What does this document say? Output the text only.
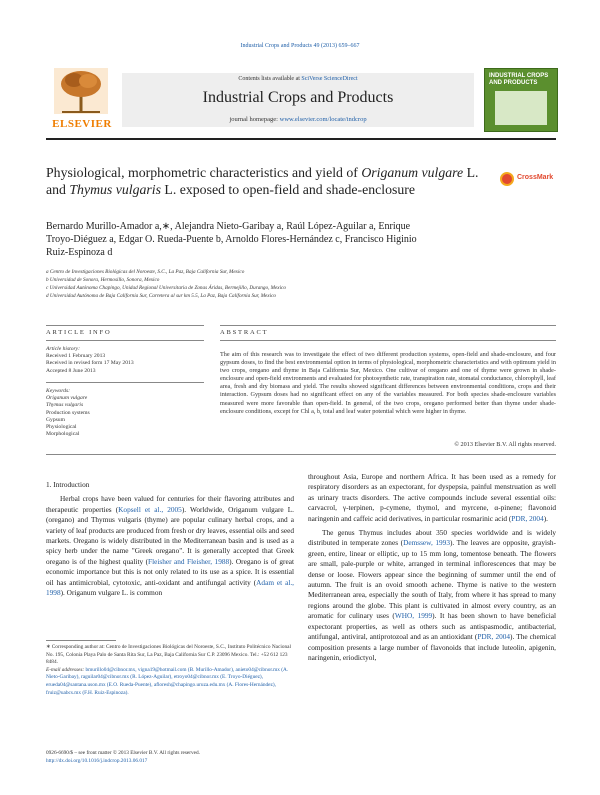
Industrial Crops and Products 49 (2013) 659–667
ELSEVIER
Contents lists available at SciVerse ScienceDirect
Industrial Crops and Products
journal homepage: www.elsevier.com/locate/indcrop
INDUSTRIAL CROPS AND PRODUCTS
Physiological, morphometric characteristics and yield of Origanum vulgare L. and Thymus vulgaris L. exposed to open-field and shade-enclosure
CrossMark
Bernardo Murillo-Amador a,∗, Alejandra Nieto-Garibay a, Raúl López-Aguilar a, Enrique
Troyo-Diéguez a, Edgar O. Rueda-Puente b, Arnoldo Flores-Hernández c, Francisco Higinio
Ruiz-Espinoza d
a Centro de Investigaciones Biológicas del Noroeste, S.C., La Paz, Baja California Sur, Mexico
b Universidad de Sonora, Hermosillo, Sonora, Mexico
c Universidad Autónoma Chapingo, Unidad Regional Universitaria de Zonas Áridas, Bermejillo, Durango, Mexico
d Universidad Autónoma de Baja California Sur, Carretera al sur km 5.5, La Paz, Baja California Sur, Mexico
ARTICLE INFO	ABSTRACT
Article history:
Received 1 February 2013
Received in revised form 17 May 2013
Accepted 8 June 2013
Keywords:
Origanum vulgare
Thymus vulgaris
Production systems
Gypsum
Physiological
Morphological
The aim of this research was to investigate the effect of two different production systems, open-field and shade-enclosure, and four gypsum doses, to find the best environmental option in terms of physiological, morphometric characteristics and with optimum yield in two crops, oregano and thyme in Baja California Sur, Mexico. One cultivar of oregano and one of thyme were grown in shade-enclosure and open-field environments and evaluated for photosynthetic rate, transpiration rate, stomatal conductance, chlorophyll, leaf area, fresh and dry biomass and yield. The results showed significant differences between environmental conditions, crops and their interaction. Gypsum doses had no significant effect on any of the variables measured. For both species shade-enclosure variables measured were more favorable than open-field. In general, of the two crops, oregano performed better than thyme under shade-enclosure conditions, except for Chl a, b, total and leaf water potential which were higher in thyme.
© 2013 Elsevier B.V. All rights reserved.
1. Introduction

Herbal crops have been valued for centuries for their flavoring attributes and therapeutic properties (Kopsell et al., 2005). Worldwide, Origanum vulgare L. (oregano) and Thymus vulgaris (thyme) are popular culinary herbal crops, and a variety of leaf products are produced from fresh or dry leaves, essential oils and seed markets. Oregano is widely distributed in the Mediterranean basin and is used as a spicy herb under the name "Greek oregano". It is generally accepted that Greek oregano is of the highest quality (Fleisher and Fleisher, 1988). Oregano is of great economic importance but this is not only related to its use as a spice. It is essential oil has antimicrobial, cytotoxic, anti-oxidant and antifungal activity (Adam et al., 1998). Origanum vulgare L. is common

throughout Asia, Europe and northern Africa. It has been used as a remedy for respiratory disorders as an expectorant, for dyspepsia, painful menstruation as well as urinary tracts disorders. The active compounds include several essential oils: carvacrol, γ-terpinen, p-cymene, thymol, and myrcene, α-pinene; flavonoid naringenin and caffeic acid derivatives, in particular rosmarinic acid (PDR, 2004).

The genus Thymus includes about 350 species worldwide and is widely distributed in temperate zones (Demssew, 1993). The leaves are opposite, grayish-green, entire, linear or elliptic, up to 15 mm long, tomentose beneath. The flowers are small, pale-purple or white, arranged in terminal inflorescences that may be dense or loose. Flowers appear since the beginning of summer until the end of autumn. The fruit is an ovoid smooth achene. Thyme is native to the western Mediterranean area, especially the south of Italy, from where it has spread to many regions around the globe. This plant is cultivated in almost every country, as an aromatic for culinary uses (WHO, 1999). It has been shown to have beneficial expectorant properties, as well as others such as antispasmodic, antibacterial, antifungal, antiviral, antiprotozoal and as an antioxidant (PDR, 2004). The chemical composition presents a large number of flavonoids that include luteolin, apigenin, naringenin, eriodictyol,

∗ Corresponding author at: Centro de Investigaciones Biológicas del Noroeste, S.C., Instituto Politécnico Nacional No. 195, Colonia Playa Palo de Santa Rita Sur, La Paz, Baja California Sur C.P. 23096 Mexico. Tel.: +52 612 123 8484.

E-mail addresses: bmurillo04@cibnor.mx, vigna19@hotmail.com (B. Murillo-Amador), anieto04@cibnor.mx (A. Nieto-Garibay), raguilar04@cibnor.mx (R. López-Aguilar), etroyo04@cibnor.mx (E. Troyo-Diéguez), erueda04@santana.uson.mx (E.O. Rueda-Puente), afloresh@chapingo.uruza.edu.mx (A. Flores-Hernández), fruiz@uabcs.mx (F.H. Ruiz-Espinoza).

0926-6690/$ – see front matter © 2013 Elsevier B.V. All rights reserved.
http://dx.doi.org/10.1016/j.indcrop.2013.06.017
